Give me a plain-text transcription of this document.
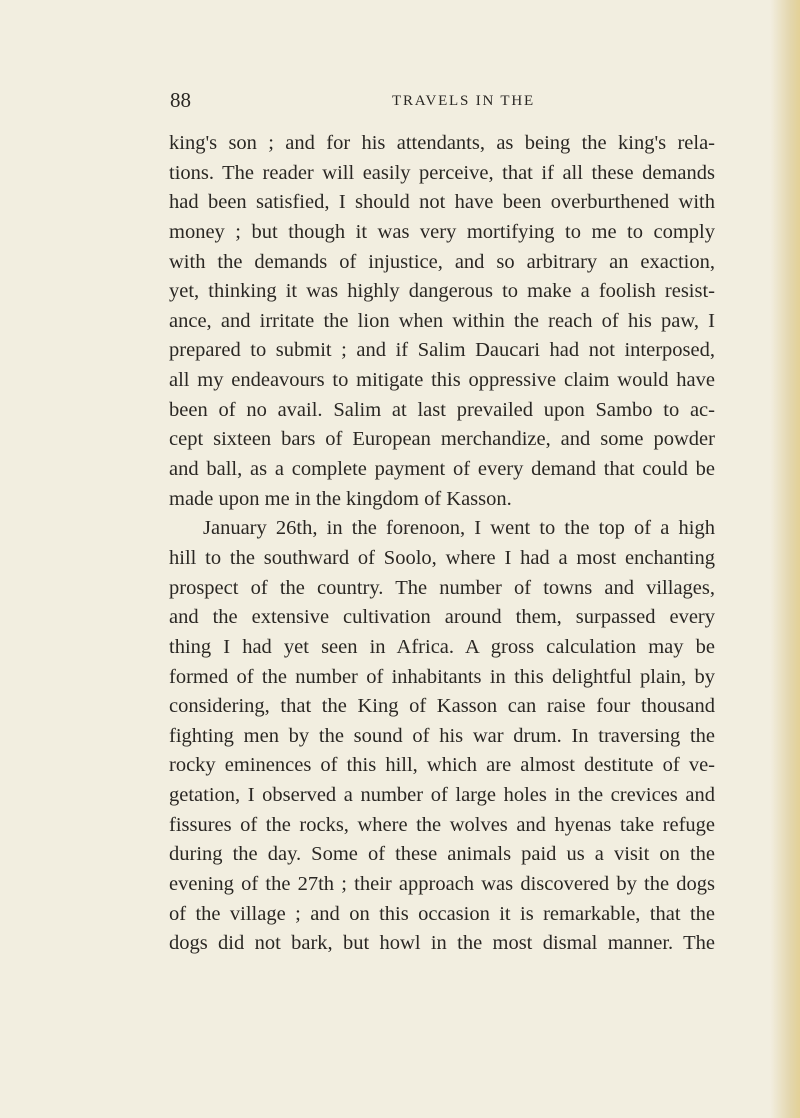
88	TRAVELS IN THE
king's son ; and for his attendants, as being the king's rela-
tions. The reader will easily perceive, that if all these demands
had been satisfied, I should not have been overburthened with
money ; but though it was very mortifying to me to comply
with the demands of injustice, and so arbitrary an exaction,
yet, thinking it was highly dangerous to make a foolish resist-
ance, and irritate the lion when within the reach of his paw, I
prepared to submit ; and if Salim Daucari had not interposed,
all my endeavours to mitigate this oppressive claim would have
been of no avail. Salim at last prevailed upon Sambo to ac-
cept sixteen bars of European merchandize, and some powder
and ball, as a complete payment of every demand that could be
made upon me in the kingdom of Kasson.
January 26th, in the forenoon, I went to the top of a high
hill to the southward of Soolo, where I had a most enchanting
prospect of the country. The number of towns and villages,
and the extensive cultivation around them, surpassed every
thing I had yet seen in Africa. A gross calculation may be
formed of the number of inhabitants in this delightful plain, by
considering, that the King of Kasson can raise four thousand
fighting men by the sound of his war drum. In traversing the
rocky eminences of this hill, which are almost destitute of ve-
getation, I observed a number of large holes in the crevices and
fissures of the rocks, where the wolves and hyenas take refuge
during the day. Some of these animals paid us a visit on the
evening of the 27th ; their approach was discovered by the dogs
of the village ; and on this occasion it is remarkable, that the
dogs did not bark, but howl in the most dismal manner. The
